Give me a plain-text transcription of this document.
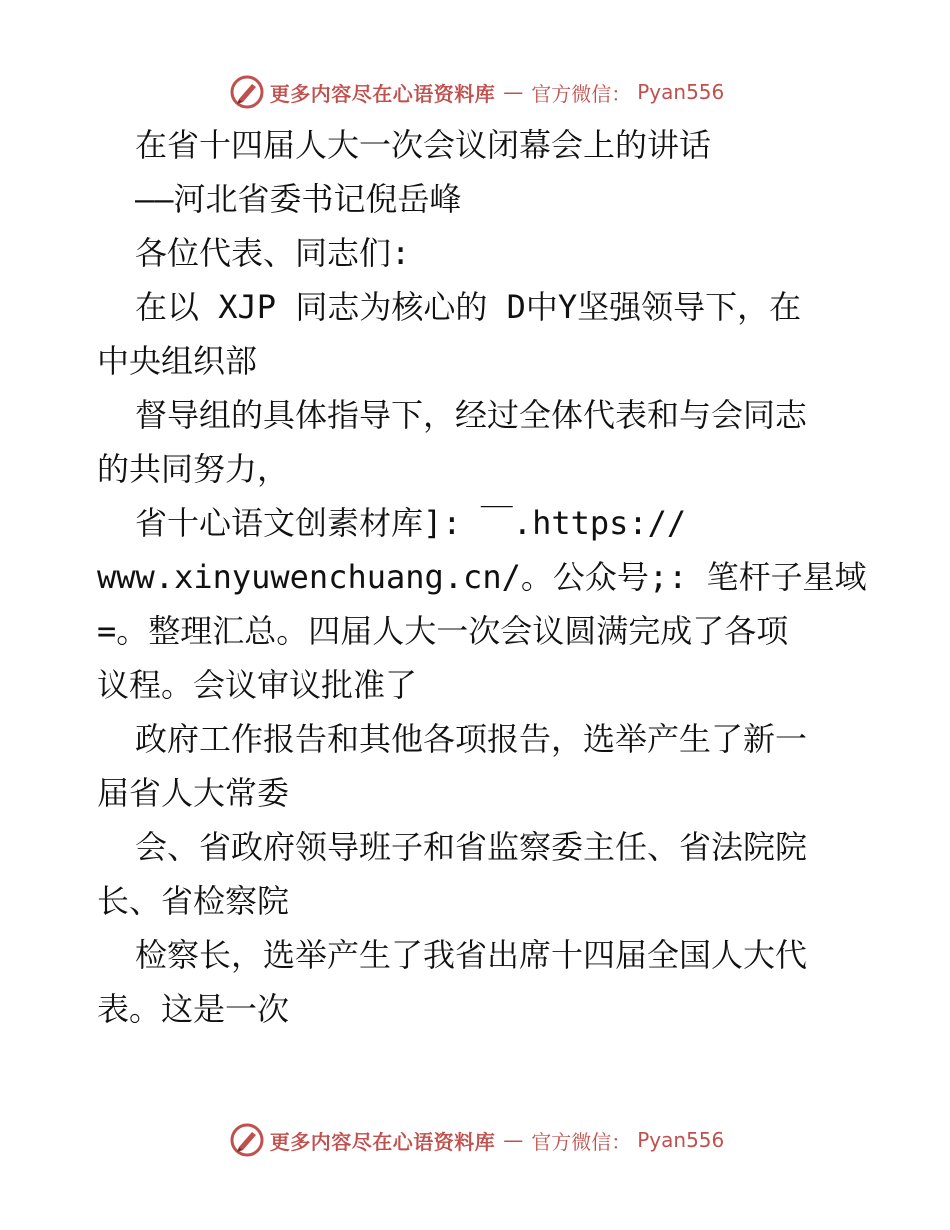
更多内容尽在心语资料库 — 官方微信： Pyan556
在省十四届人大一次会议闭幕会上的讲话
——河北省委书记倪岳峰
各位代表、同志们:
在以 XJP 同志为核心的 D中Y坚强领导下，在
中央组织部
督导组的具体指导下，经过全体代表和与会同志
的共同努力，
省十心语文创素材库]: ￣.https://
www.xinyuwenchuang.cn/。公众号;: 笔杆子星域
=。整理汇总。四届人大一次会议圆满完成了各项
议程。会议审议批准了
政府工作报告和其他各项报告，选举产生了新一
届省人大常委
会、省政府领导班子和省监察委主任、省法院院
长、省检察院
检察长，选举产生了我省出席十四届全国人大代
表。这是一次
更多内容尽在心语资料库 — 官方微信： Pyan556
